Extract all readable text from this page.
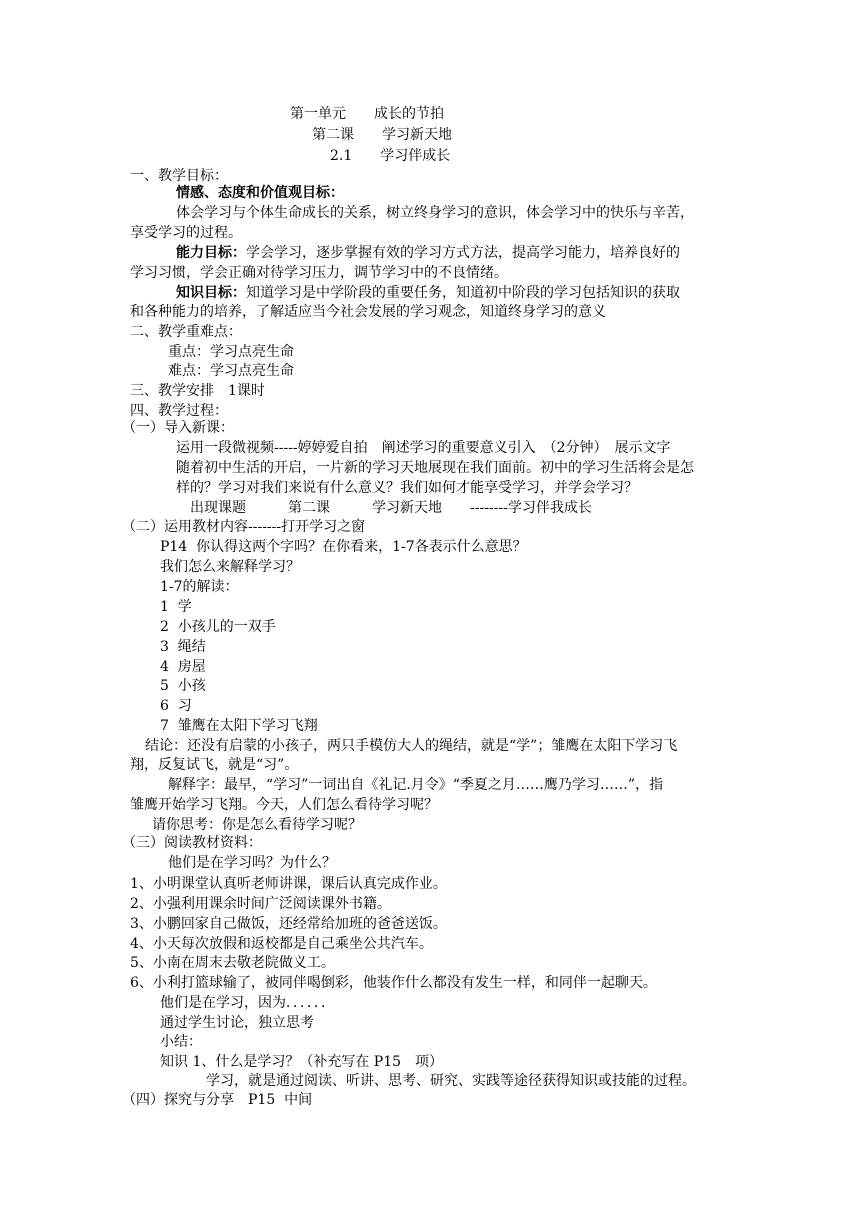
第一单元　　成长的节拍
第二课　　学习新天地
2.1　　学习伴成长
一、教学目标：
情感、态度和价值观目标：
体会学习与个体生命成长的关系，树立终身学习的意识，体会学习中的快乐与辛苦，
享受学习的过程。
能力目标：学会学习，逐步掌握有效的学习方式方法，提高学习能力，培养良好的
学习习惯，学会正确对待学习压力，调节学习中的不良情绪。
知识目标：知道学习是中学阶段的重要任务，知道初中阶段的学习包括知识的获取
和各种能力的培养，了解适应当今社会发展的学习观念，知道终身学习的意义
二、教学重难点：
重点：学习点亮生命
难点：学习点亮生命
三、教学安排　1课时
四、教学过程：
（一）导入新课：
运用一段微视频-----婷婷爱自拍　阐述学习的重要意义引入　（2分钟）　展示文字
随着初中生活的开启，一片新的学习天地展现在我们面前。初中的学习生活将会是怎
样的？学习对我们来说有什么意义？我们如何才能享受学习，并学会学习？
出现课题　　　第二课　　　学习新天地　　--------学习伴我成长
（二）运用教材内容-------打开学习之窗
P14  你认得这两个字吗？在你看来，1-7各表示什么意思？
我们怎么来解释学习？
1-7的解读：
1  学
2  小孩儿的一双手
3  绳结
4  房屋
5  小孩
6  习
7  雏鹰在太阳下学习飞翔
结论：还没有启蒙的小孩子，两只手模仿大人的绳结，就是“学”；雏鹰在太阳下学习飞
翔，反复试飞，就是“习”。
解释字：最早，“学习”一词出自《礼记.月令》“季夏之月……鹰乃学习……”，指
雏鹰开始学习飞翔。今天，人们怎么看待学习呢？
请你思考：你是怎么看待学习呢？
（三）阅读教材资料：
他们是在学习吗？为什么？
1、小明课堂认真听老师讲课，课后认真完成作业。
2、小强利用课余时间广泛阅读课外书籍。
3、小鹏回家自己做饭，还经常给加班的爸爸送饭。
4、小天每次放假和返校都是自己乘坐公共汽车。
5、小南在周末去敬老院做义工。
6、小利打篮球输了，被同伴喝倒彩，他装作什么都没有发生一样，和同伴一起聊天。
他们是在学习，因为．．．．．．
通过学生讨论，独立思考
小结：
知识 1、什么是学习？（补充写在 P15　项）
学习，就是通过阅读、听讲、思考、研究、实践等途径获得知识或技能的过程。
（四）探究与分享　P15  中间
